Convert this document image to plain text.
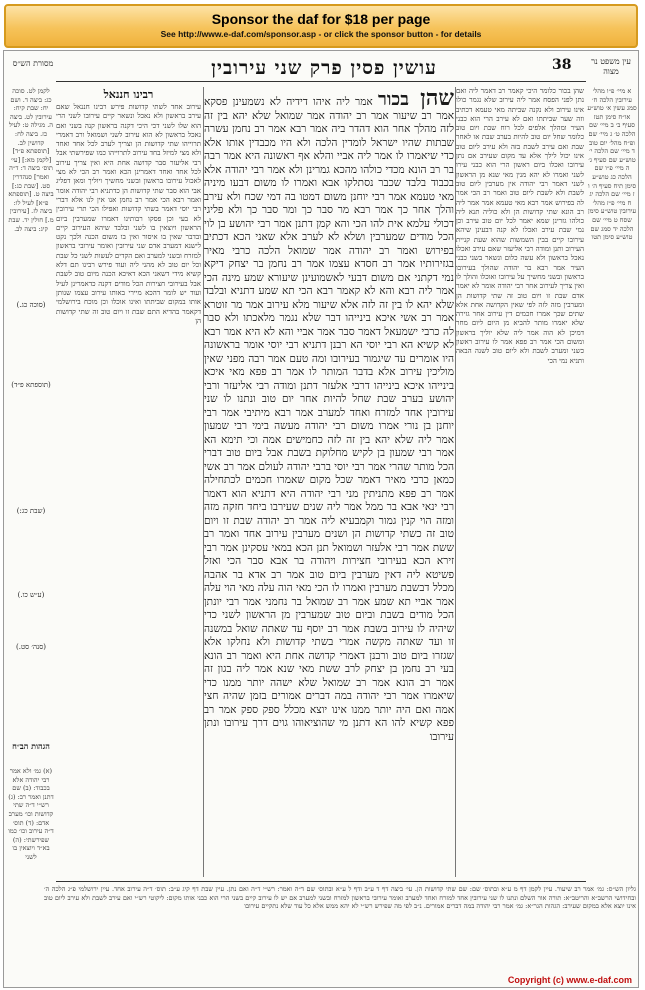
Sponsor the daf for $18 per page
See http://www.e-daf.com/sponsor.asp - or click the sponsor button - for details
עושין פסין פרק שני עירובין	38	עין משפט נר מצוה
מסורת הש״ס
א מיי׳ פ״ו מהל׳ עירובין הלכה ח׳ סמג עשין א׳ טוש״ע או״ח סימן תטז סעיף ב׳ ב מיי׳ שם הלכה ט׳ ג מיי׳ שם ופ״ח מהל׳ יום טוב ד מיי׳ שם הלכה י׳ טוש״ע שם סעיף ג׳ ה מיי׳ פ״ו שם הלכה כג טוש״ע סימן תיח סעיף ה׳ ו ז מיי׳ שם הלכה יג ח מיי׳ פ״ז מהל׳ עירובין טוש״ע סימן שסח ט מיי׳ שם הלכה יד סמג שם טוש״ע סימן תטו
שהן בכור כלומר היכי קאמר רב דאמר ליה ואם נתן לפני הפסח אמר ליה עירוב שלא נגמר כולו אינו עירוב ולא נקנה שביתה מאי טעמא דכתיב וזה שער שביתתו ואם לא עירב הרי הוא כבני העיר ומהלך אלפים לכל רוח שבת ויום טוב כלומר שחל יום טוב להיות בערב שבת או לאחר שבת ואם עירב לשבת בזה ולא עירב ליום טוב אינו יכול לילך אלא עד מקום שעירב אם נתן עירובו ואכלו ביום ראשון הרי הוא כבני עירו לשני ואמרו לא יהא מנין מאי שנא מן הראשון לשני דאמר רבי יהודה אין מערבין ליום טוב לשבת ולא לשבת ליום טוב ואמר רב הכי אמר לה בפירוש אמר רבא מאי טעמא אמר אמר ליה רב הונא שתי קדושות הן ולא כוליה תנא ליה כולהו גזרינן שמא יאמר לכל יום טוב עירב וכן נמי שבת עירב ואכלו לא קנה דבעינן שיהא עירובו קיים בבין השמשות שהוא שעת קניית העירוב ותנן ומודה רבי אליעזר שאם עירב ואכלו נאכל בראשון ולא עשה כלום ונשאר בשני כבני העיר אמר רבא בר יהודה שהולך בעירובו בראשון ובשני מחשיך על עירובו ואוכלו והולך לו ואין צריך לעירוב אחר רבי יהודה אומר לא יאמר אדם שבת זו ויום טוב זה שתי קדושות הן ומערבין מזה לזה לפי שאין הקדושה אחת אלא שתים שכך אמרו חכמים דין עירוב אחר גזירה שלא יאמרו מותר להביא מן היום ליום מחר דמיכן לא הוה אמר ליה שלא יוליך בראשון ומשום הכי אמר רב פפא אמר לו עירוב ראשון כשני ומערב לשבת ולא ליום טוב לשנה הבאה ותניא נמי הכי
שהן בכור אמר ליה איהו דידיה לא נשמעינן פסקא אמר רב שיעור אמר רב יהודה אמר שמואל שלא יהא בין זה לזה מהלך אחר הוא דהדר ביה אמר רבא אמר רב נחמן עשרה שבתות שהיו ישראל לומדין הלכה ולא היו מכבדין אותו אלא כדי שיאמרו לו אמר ליה אביי והלא אף ראשונה היא אמר רבה בר רב הונא מכדי כולהו מהכא גמרינן ולא אמר רבי יהודה אלא בכבוד בלבד שכבר נסתלקו אבא ואמרו לו משום דבעו מיניה מאי טעמא אמר רבי יוחנן משום דמטו בה דמי שכח ולא עירב והלך אחר כך אמר רבא מר סבר כך ומר סבר כך ולא פליגי דכולי עלמא אית להו הכי והא קמן דתנן אמר רבי יהושע בן לוי הכל מודים שמערבין ושלא לא לערב אלא שאני הכא דכתיב בפירוש ואמר רב יהודה אמר שמואל הלכה כרבי מאיר בגזירותיו אמר רב חסדא עצמו אמר רב נחמן בר יצחק דיקא נמי דקתני אם משום דבעי לאשמועינן שיעורא שמע מינה הכי אמר ליה רבא והא לא קאמר רבא הכי תא שמע דתניא ובלבד שלא יהא לו בין זה לזה אלא שיעור מלא עירוב אמר מר זוטרא אמר רב אשי איכא בינייהו דבר שלא נגמר מלאכתו ולא סבר לה כרבי ישמעאל דאמר סבר אמר אביי והא לא היא אמר רבא לא קשיא הא רבי יוסי הא רבנן דתניא רבי יוסי אומר בראשונה היו אומרים עד שיגמור בעירובו ומה טעם אמר רבה מפני שאין מוליכין עירוב אלא בדבר המותר לו אמר רב פפא מאי איכא בינייהו איכא בינייהו דרבי אלעזר דתנן ומודה רבי אליעזר ורבי יהושע בערב שבת שחל להיות אחר יום טוב ונתנו לו שני עירובין אחד למזרח ואחד למערב אמר רבא מיתיבי אמר רבי יוחנן בן נורי אמרו משום רבי יהודה מעשה בימי רבי שמעון אמר ליה שלא יהא בין זה לזה כחמישים אמה וכי תימא הא אמר רבי שמעון בן לקיש מחלוקת בשבת אבל ביום טוב דברי הכל מותר שהרי אמר רבי יוסי ברבי יהודה לעולם אמר רב אשי כמאן כרבי מאיר דאמר שכל מקום שאמרו חכמים לכתחילה אמר רב פפא מתניתין מני רבי יהודה היא דתניא הוא דאמר רבי ינאי אבא בר ממל אמר ליה שנים שעירבו ביחד חזקה מזה ומזה הוי קנין גמור וקמבעיא ליה אמר רב יהודה שבת זו ויום טוב זה כשתי קדושות הן ושנים מערבין עירוב אחד ואמר רב ששת אמר רבי אלעזר ושמואל תנן הכא במאי עסקינן אמר רבי זירא הכא בעירובי חצירות ויהודה בר אבא סבר הכי ואזל פשיטא ליה דאין מערבין ביום טוב אמר רב אדא בר אהבה מכלל דבשבת מערבין ואמרו לו הכי מאי הוה עלה מאי הוי עלה אמר אביי תא שמע אמר רב שמואל בר נחמני אמר רבי יונתן הכל מודים בשבת וביום טוב שמערבין מן הראשון לשני כדי שיהיה לו עירוב בשבת אמר רב יוסף עד שאתה שואל במשנה זו ועד שאתה מקשה אמרי בשתי קדושות ולא נחלקו אלא שגזרו ביום טוב ורבנן דאמרי קדושה אחת היא ואמר רב הונא בעי רב נחמן בן יצחק לרב ששת מאי שנא אמר ליה בגון זה אמר רב הונא אמר רב שמואל שלא ישהה יותר ממנו כדי שיאמרו אמר רבי יהודה במה דברים אמורים בזמן שהיה חצי אמה ואם היה יותר ממנו אינו יוצא מכלל ספק ספק אמר רב פפא קשיא להו הא דתנן מי שהוציאוהו גוים דרך עירובו ונתן עירובו
רבינו חננאל
עירוב אחד לשתי קדושות פירש רבינו חננאל שאם עירב בראשון ולא נאכל ונשאר קיים עירובו לשני הרי הוא שלו לשני דכי היכי דקנה בראשון קנה בשני ואם נאכל בראשון לא הוא עירוב לשני ושמואל ורב דאמרי תרוייהו שתי קדושות הן וצריך לערב לכל אחד ואחד ולא מצי למיזל בחד עירוב לתרוייהו כמו שפירשתי אבל רבי אליעזר סבר קדושה אחת היא ואין צריך עירוב לכל אחד ואחד דאמרינן הכא ואמר רב הכי לא מצי לאכול עירובו בראשון ובשני מחשיך ויוליך ומאן דפליג אבי הוא סבר שתי קדושות הן כדתניא רבי יהודה אומר ואמר רבא הכי אמר רב נחמן אנו אין לנו אלא דברי רבי יוסי דאמר בשתי קדושות ואפילו הכי תרי עירובין לא בעי וכן פסקו רבותינו דאמרו שמערבין ביום הראשון ויוצאין בו לשני ובלבד שיהא העירוב קיים ובדבר שאין בו איסור ואין בו משום הכנה ולכך נקט לישנא דמערב אדם שני עירובין ואומר עירובי בראשון למזרח ובשני למערב ואם הקדים לעשות לשני כל שבת וכל יום טוב לא מהני ליה ועוד פירש רבינו תם דלא קשיא מידי דשאני הכא דאיכא הכנה מיום טוב לשבת אבל בעירובי חצירות הכל מודים דקנה כדאמרינן לעיל ועוד יש לומר דהכא מיירי באותו עירוב עצמו שנותן אותו במקום שביתתו ואינו אוכלו וכן מוכח בירושלמי דקאמר בהדיא התם שבת זו ויום טוב זה שתי קדושות הן
לקמן לט. סוכה כג: ביצה ד. ושם יח: שבת קיח: עירובין לט. ביצה ה. מגילה ט: לעיל כז. ביצה לח: קדושין לב. [תוספתא פ״ד] [לקמן מא:] [עי׳ תוס׳ ביצה ד: ד״ה ואמר] סנהדרין סט. [שבת כג:] ביצה ט. [תוספתא פ״א] לעיל לו: ביצה לז. [עירובין מ.] חולין יד. שבת קיג: ביצה לב.
(סוכה כג.)
(תוספתא פ״ד)
(שבת כג:)
(ע״ש כו.)
(סנה׳ סט.)
הגהות הב״ח
(א) גמ׳ ולא אמר רבי יהודה אלא בכבוד: (ב) שם דתנן ואמר רב: (ג) רש״י ד״ה שתי קדושות וכו׳ מערב אדם: (ד) תוס׳ ד״ה עירוב וכו׳ כמו שפירשתי: (ה) בא״ד ויוצאין בו לשני
גליון הש״ס: גמ׳ אמר רב שיעור. עיין לקמן דף מ ע״א ובתוס׳ שם: שם שתי קדושות הן. עי׳ ביצה דף ד ע״ב ודף ל ע״א ובתוס׳ שם ד״ה ואמר: רש״י ד״ה ואם נתן. עיין שבת דף קיג ע״ב: תוס׳ ד״ה עירוב אחד. עיין ירושלמי פ״ג הלכה ה׳ ובחידושי הרשב״א והריטב״א: תורה אור השלם ונתנו לו שני עירובין אחד למזרח ואחד למערב ואומר עירובי בראשון למזרח ובשני למערב אם יש לו עירוב קיים בשני הרי הוא כבני אותו מקום: ליקוטי רש״י ואם עירב לשבת ולא עירב ליום טוב אינו יוצא אלא במקום שעירב: הגהות הגר״א: גמ׳ אמר רבי יהודה במה דברים אמורים. נ״ב לפי מה שפירש רש״י לא יהא ממש אלא כל עוד שלא נתקיים עירובו
Copyright (c) www.e-daf.com
